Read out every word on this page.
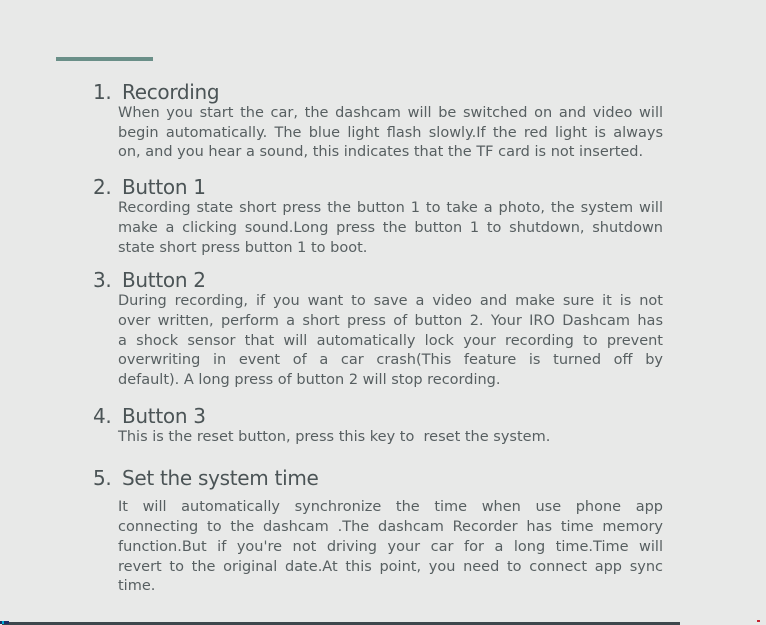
1. Recording
When you start the car, the dashcam will be switched on and video will
begin automatically. The blue light flash slowly.If the red light is always
on, and you hear a sound, this indicates that the TF card is not inserted.
2. Button 1
Recording state short press the button 1 to take a photo, the system will
make a clicking sound.Long press the button 1 to shutdown, shutdown
state short press button 1 to boot.
3. Button 2
During recording, if you want to save a video and make sure it is not
over written, perform a short press of button 2. Your IRO Dashcam has
a shock sensor that will automatically lock your recording to prevent
overwriting in event of a car crash(This feature is turned off by
default). A long press of button 2 will stop recording.
4. Button 3
This is the reset button, press this key to  reset the system.
5. Set the system time
It will automatically synchronize the time when use phone app
connecting to the dashcam .The dashcam Recorder has time memory
function.But if you're not driving your car for a long time.Time will
revert to the original date.At this point, you need to connect app sync
time.
